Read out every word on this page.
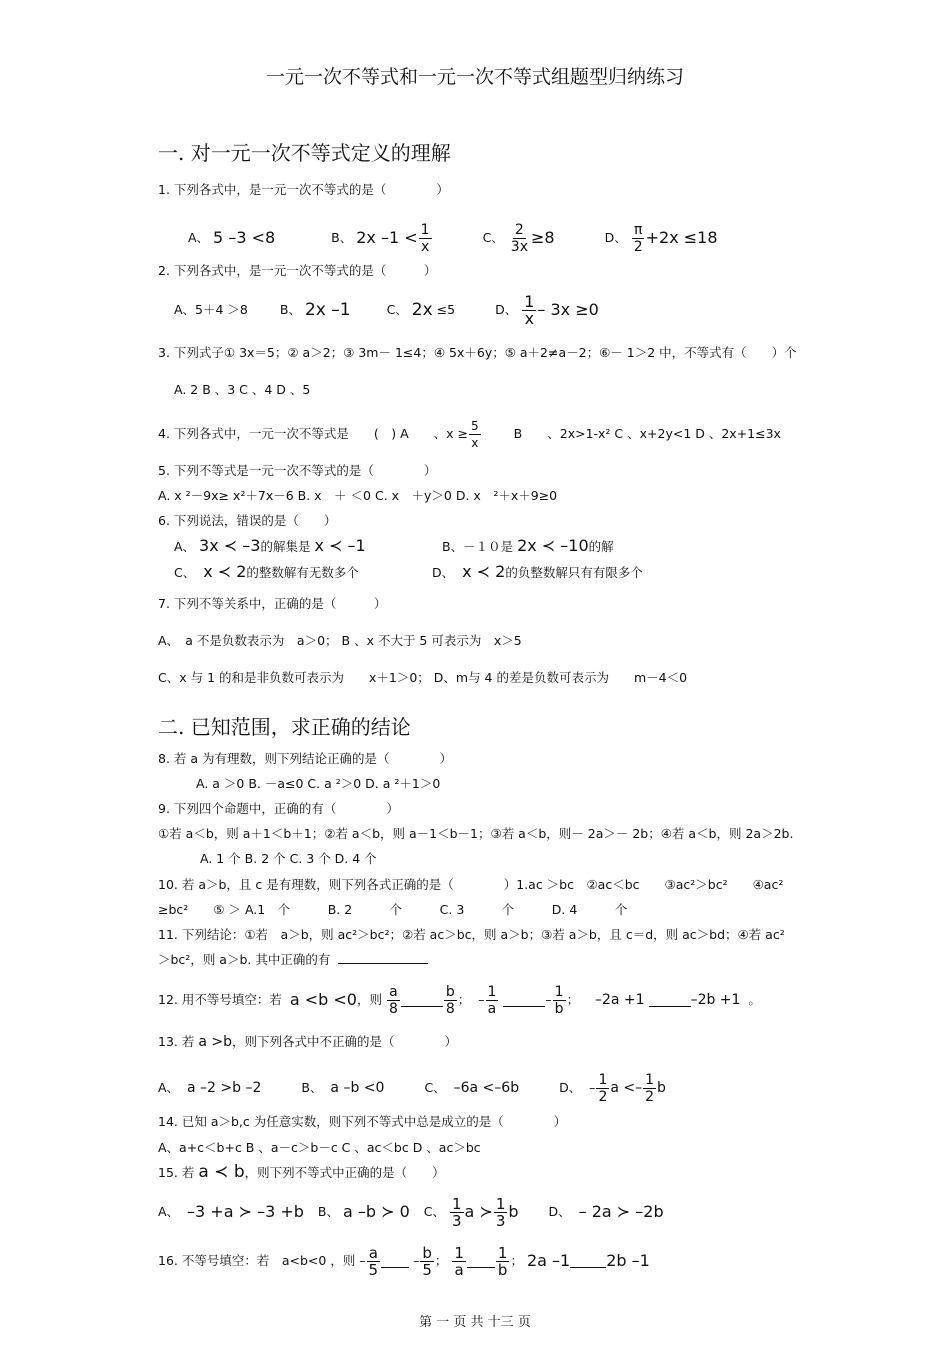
一元一次不等式和一元一次不等式组题型归纳练习
一. 对一元一次不等式定义的理解
1. 下列各式中，是一元一次不等式的是（　　　　）
A、
5 –3 <8	B、
2x $-1 < \frac{1}{x}$	C、
$\frac{2}{3x} \ge 8$	D、
$\frac{\pi}{2} +2x \le 18$
2. 下列各式中，是一元一次不等式的是（　　　）
A、5＋4 ＞8	B、
2x –1	C、
2x
≤5	D、
$\frac{1}{x} - 3x \ge 0$
3. 下列式子① 3x＝5；② a＞2；③ 3m－ 1≤4；④ 5x＋6y；⑤ a＋2≠a－2；⑥－ 1＞2 中，不等式有（　　）个
A. 2 B 、3 C 、4 D 、5
4. 下列各式中，一元一次不等式是　　(　) A　　、$x \ge \frac{5}{x}$	B　　、2x>1-x² C 、x+2y<1 D 、2x+1≤3x
5. 下列不等式是一元一次不等式的是（　　　　）
A. x ²－9x≥ x²＋7x－6 B. x　＋ ＜0 C. x　＋y＞0 D. x　²＋x＋9≥0
6. 下列说法，错误的是（　　）
A、 3x ≺ –3的解集是 x ≺ –1	B、－１０是 2x ≺ –10的解
C、 x ≺ 2的整数解有无数多个	D、 x ≺ 2的负整数解只有有限多个
7. 下列不等关系中，正确的是（　　　）
A、　a 不是负数表示为　a＞0； B 、x 不大于 5 可表示为　x＞5
C、x 与 1 的和是非负数可表示为　　x＋1＞0； D、m与 4 的差是负数可表示为　　m－4＜0
二. 已知范围，求正确的结论
8. 若 a 为有理数，则下列结论正确的是（　　　　）
A. a ＞0 B. －a≤0 C. a ²＞0 D. a ²＋1＞0
9. 下列四个命题中，正确的有（　　　　）
①若 a＜b，则 a＋1＜b＋1；②若 a＜b，则 a－1＜b－1；③若 a＜b，则－ 2a＞－ 2b；④若 a＜b，则 2a＞2b.
A. 1 个 B. 2 个 C. 3 个 D. 4 个
10. 若 a＞b，且 c 是有理数，则下列各式正确的是（　　　　）1.ac ＞bc　②ac＜bc　　③ac²＞bc²　　④ac²
≥bc²　　⑤ ＞ A.1　个　　　B. 2　　　个　　　C. 3　　　个　　　D. 4　　　个
11. 下列结论：①若　a＞b，则 ac²＞bc²；②若 ac＞bc，则 a＞b；③若 a＞b，且 c＝d，则 ac＞bd；④若 ac²
＞bc²，则 a＞b. 其中正确的有
12. 用不等号填空：若
a <b <0 ，则
$\frac{a}{8}$	$\frac{b}{8}$ ； – $\frac{1}{a}$
	– $\frac{1}{b}$ ；
–2a +1
	–2b +1
。
13. 若 a >b，则下列各式中不正确的是（　　　　）
A、
a –2 >b –2	B、
a –b <0	C、
–6a <–6b	D、 – $\frac{1}{2}$ $a <- \frac{1}{2}$ b
14. 已知 a＞b,c 为任意实数，则下列不等式中总是成立的是（　　　　）
A、a+c＜b+c B 、a－c＞b－c C 、ac＜bc D 、ac＞bc
15. 若 a ≺ b，则下列不等式中正确的是（　　）
A、
–3 +a ≻ –3 +b B、
a –b ≻ 0 C、
$\frac{1}{3}$ a ≻ $\frac{1}{3}$ b D、
– 2a ≻ –2b
16. 不等号填空：若　a<b<0 ，则 – $\frac{a}{5} - \frac{b}{5}$ ； $\frac{1}{a} \frac{1}{b}$ ； 2a –1 2b –1
第 一 页 共 十三 页
